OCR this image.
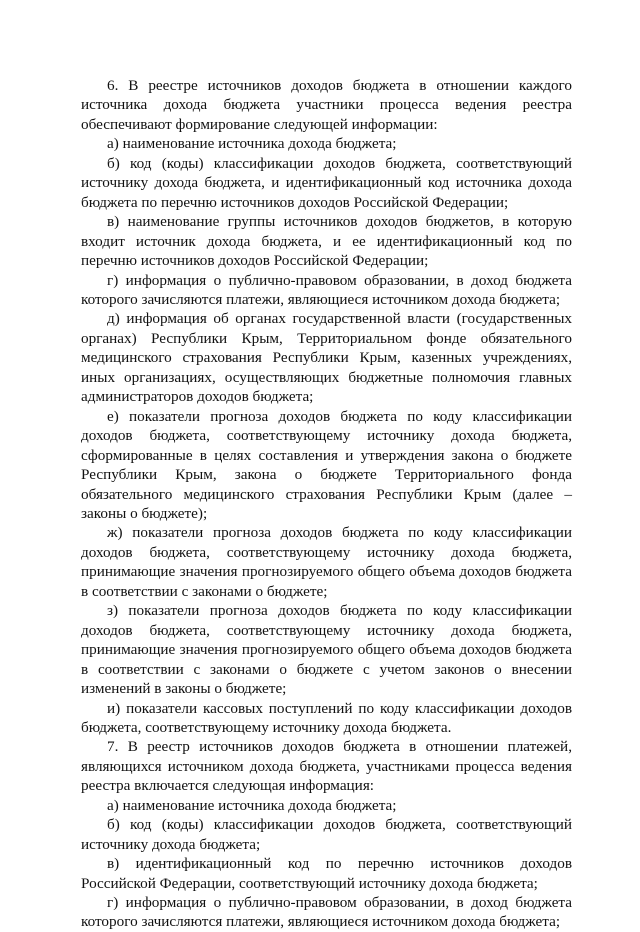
6. В реестре источников доходов бюджета в отношении каждого источника дохода бюджета участники процесса ведения реестра обеспечивают формирование следующей информации:

а) наименование источника дохода бюджета;

б) код (коды) классификации доходов бюджета, соответствующий источнику дохода бюджета, и идентификационный код источника дохода бюджета по перечню источников доходов Российской Федерации;

в) наименование группы источников доходов бюджетов, в которую входит источник дохода бюджета, и ее идентификационный код по перечню источников доходов Российской Федерации;

г) информация о публично-правовом образовании, в доход бюджета которого зачисляются платежи, являющиеся источником дохода бюджета;

д) информация об органах государственной власти (государственных органах) Республики Крым, Территориальном фонде обязательного медицинского страхования Республики Крым, казенных учреждениях, иных организациях, осуществляющих бюджетные полномочия главных администраторов доходов бюджета;

е) показатели прогноза доходов бюджета по коду классификации доходов бюджета, соответствующему источнику дохода бюджета, сформированные в целях составления и утверждения закона о бюджете Республики Крым, закона о бюджете Территориального фонда обязательного медицинского страхования Республики Крым (далее – законы о бюджете);

ж) показатели прогноза доходов бюджета по коду классификации доходов бюджета, соответствующему источнику дохода бюджета, принимающие значения прогнозируемого общего объема доходов бюджета в соответствии с законами о бюджете;

з) показатели прогноза доходов бюджета по коду классификации доходов бюджета, соответствующему источнику дохода бюджета, принимающие значения прогнозируемого общего объема доходов бюджета в соответствии с законами о бюджете с учетом законов о внесении изменений в законы о бюджете;

и) показатели кассовых поступлений по коду классификации доходов бюджета, соответствующему источнику дохода бюджета.

7. В реестр источников доходов бюджета в отношении платежей, являющихся источником дохода бюджета, участниками процесса ведения реестра включается следующая информация:

а) наименование источника дохода бюджета;

б) код (коды) классификации доходов бюджета, соответствующий источнику дохода бюджета;

в) идентификационный код по перечню источников доходов Российской Федерации, соответствующий источнику дохода бюджета;

г) информация о публично-правовом образовании, в доход бюджета которого зачисляются платежи, являющиеся источником дохода бюджета;
